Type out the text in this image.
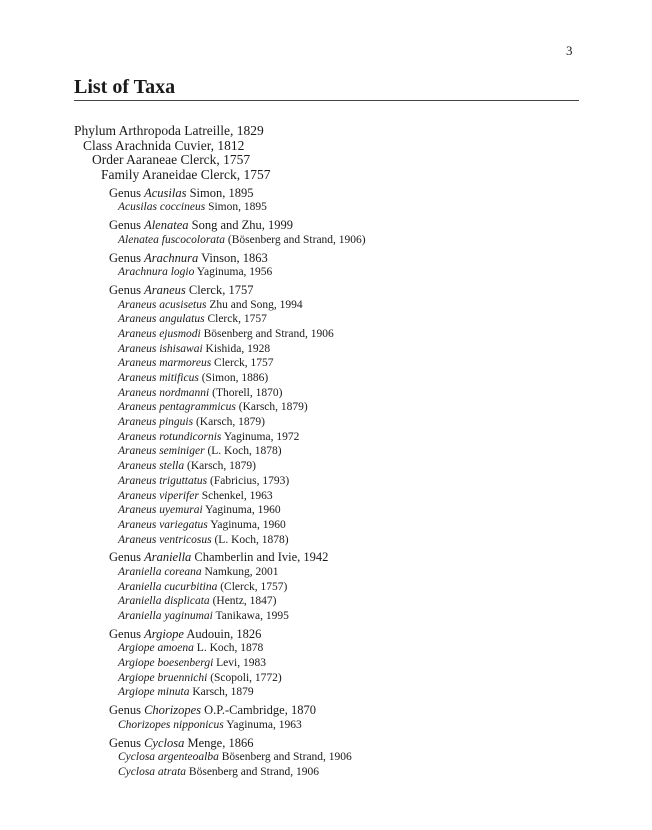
3
List of Taxa
Phylum Arthropoda Latreille, 1829
Class Arachnida Cuvier, 1812
Order Aaraneae Clerck, 1757
Family Araneidae Clerck, 1757
Genus Acusilas Simon, 1895
Acusilas coccineus Simon, 1895
Genus Alenatea Song and Zhu, 1999
Alenatea fuscocolorata (Bösenberg and Strand, 1906)
Genus Arachnura Vinson, 1863
Arachnura logio Yaginuma, 1956
Genus Araneus Clerck, 1757
Araneus acusisetus Zhu and Song, 1994
Araneus angulatus Clerck, 1757
Araneus ejusmodi Bösenberg and Strand, 1906
Araneus ishisawai Kishida, 1928
Araneus marmoreus Clerck, 1757
Araneus mitificus (Simon, 1886)
Araneus nordmanni (Thorell, 1870)
Araneus pentagrammicus (Karsch, 1879)
Araneus pinguis (Karsch, 1879)
Araneus rotundicornis Yaginuma, 1972
Araneus seminiger (L. Koch, 1878)
Araneus stella (Karsch, 1879)
Araneus triguttatus (Fabricius, 1793)
Araneus viperifer Schenkel, 1963
Araneus uyemurai Yaginuma, 1960
Araneus variegatus Yaginuma, 1960
Araneus ventricosus (L. Koch, 1878)
Genus Araniella Chamberlin and Ivie, 1942
Araniella coreana Namkung, 2001
Araniella cucurbitina (Clerck, 1757)
Araniella displicata (Hentz, 1847)
Araniella yaginumai Tanikawa, 1995
Genus Argiope Audouin, 1826
Argiope amoena L. Koch, 1878
Argiope boesenbergi Levi, 1983
Argiope bruennichi (Scopoli, 1772)
Argiope minuta Karsch, 1879
Genus Chorizopes O.P.-Cambridge, 1870
Chorizopes nipponicus Yaginuma, 1963
Genus Cyclosa Menge, 1866
Cyclosa argenteoalba Bösenberg and Strand, 1906
Cyclosa atrata Bösenberg and Strand, 1906
